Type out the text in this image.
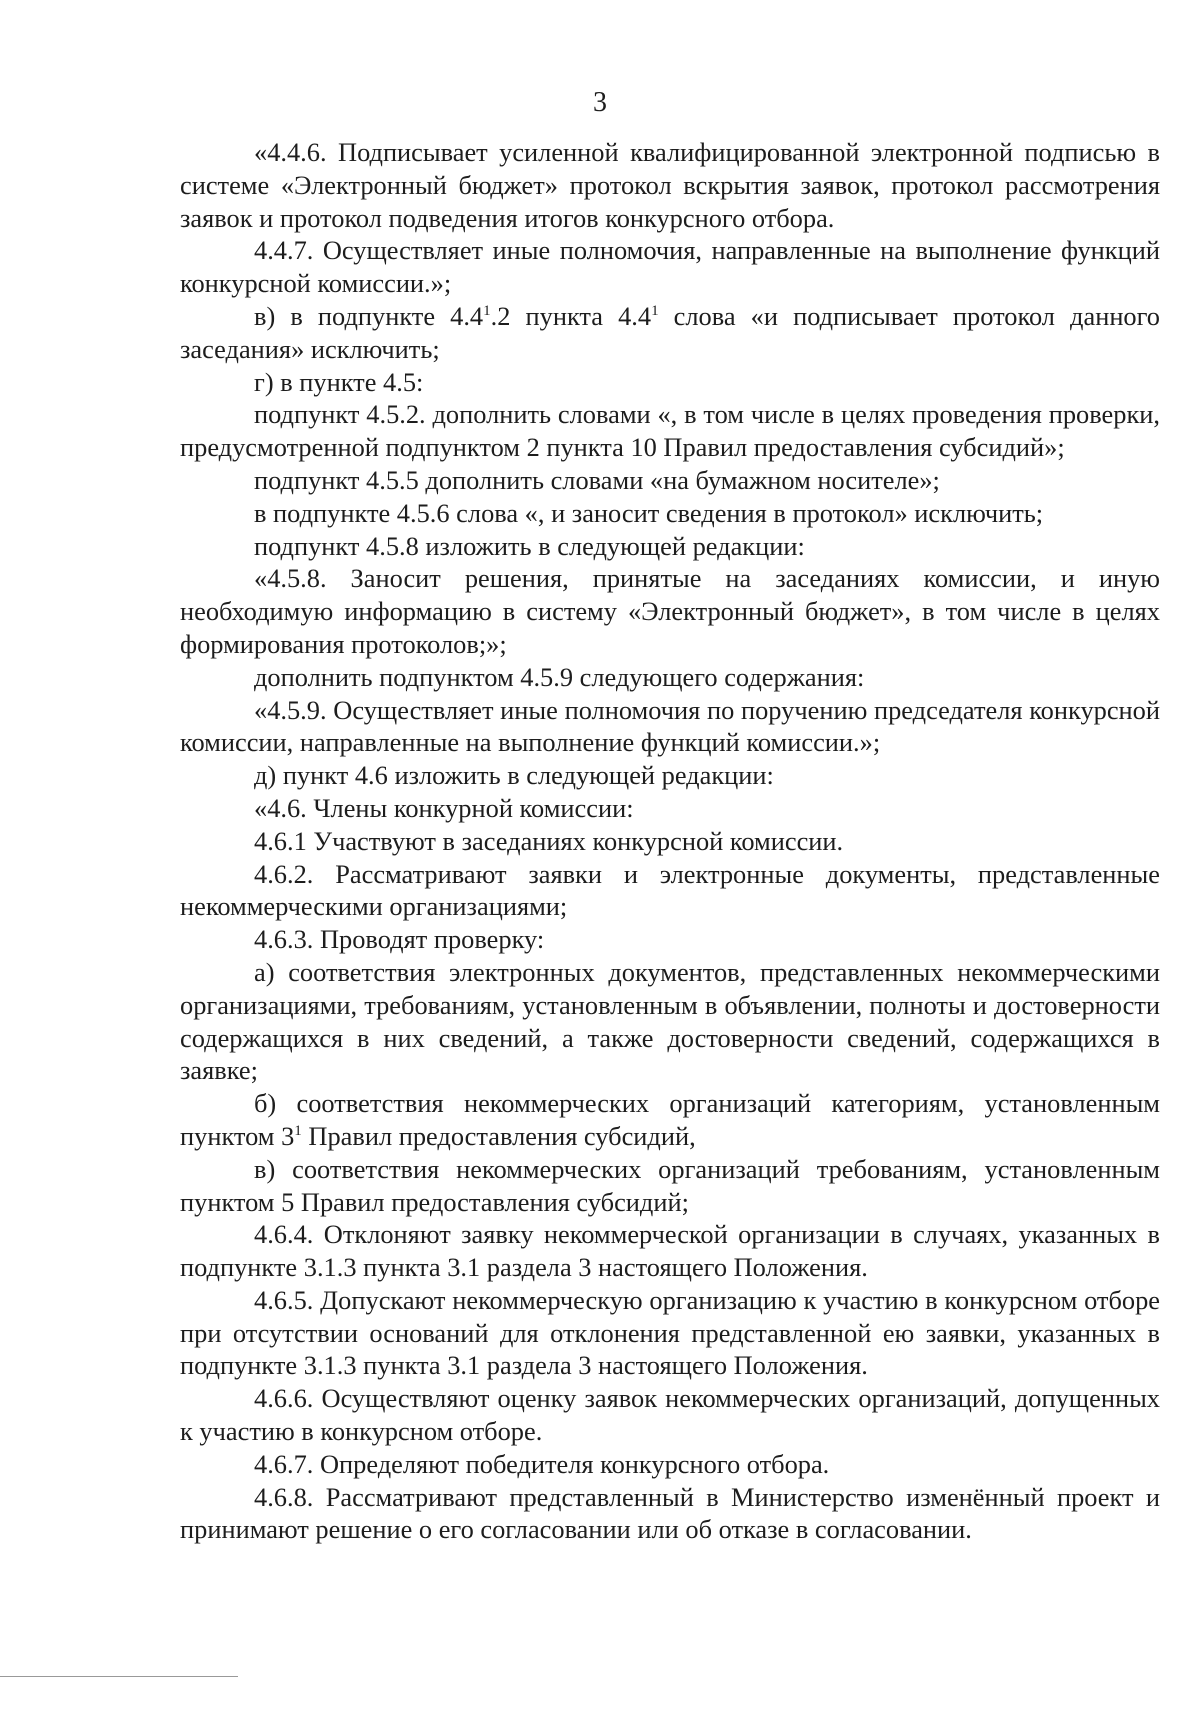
3

«4.4.6. Подписывает усиленной квалифицированной электронной подписью в системе «Электронный бюджет» протокол вскрытия заявок, протокол рассмотрения заявок и протокол подведения итогов конкурсного отбора.

4.4.7. Осуществляет иные полномочия, направленные на выполнение функций конкурсной комиссии.»;

в) в подпункте $4.4^1.2$ пункта $4.4^1$ слова «и подписывает протокол данного заседания» исключить;

г) в пункте 4.5:

подпункт 4.5.2. дополнить словами «, в том числе в целях проведения проверки, предусмотренной подпунктом 2 пункта 10 Правил предоставления субсидий»;

подпункт 4.5.5 дополнить словами «на бумажном носителе»;

в подпункте 4.5.6 слова «, и заносит сведения в протокол» исключить;

подпункт 4.5.8 изложить в следующей редакции:

«4.5.8. Заносит решения, принятые на заседаниях комиссии, и иную необходимую информацию в систему «Электронный бюджет», в том числе в целях формирования протоколов;»;

дополнить подпунктом 4.5.9 следующего содержания:

«4.5.9. Осуществляет иные полномочия по поручению председателя конкурсной комиссии, направленные на выполнение функций комиссии.»;

д) пункт 4.6 изложить в следующей редакции:

«4.6. Члены конкурной комиссии:

4.6.1 Участвуют в заседаниях конкурсной комиссии.

4.6.2. Рассматривают заявки и электронные документы, представленные некоммерческими организациями;

4.6.3. Проводят проверку:

а) соответствия электронных документов, представленных некоммерческими организациями, требованиям, установленным в объявлении, полноты и достоверности содержащихся в них сведений, а также достоверности сведений, содержащихся в заявке;

б) соответствия некоммерческих организаций категориям, установленным пунктом $3^1$ Правил предоставления субсидий,

в) соответствия некоммерческих организаций требованиям, установленным пунктом 5 Правил предоставления субсидий;

4.6.4. Отклоняют заявку некоммерческой организации в случаях, указанных в подпункте 3.1.3 пункта 3.1 раздела 3 настоящего Положения.

4.6.5. Допускают некоммерческую организацию к участию в конкурсном отборе при отсутствии оснований для отклонения представленной ею заявки, указанных в подпункте 3.1.3 пункта 3.1 раздела 3 настоящего Положения.

4.6.6. Осуществляют оценку заявок некоммерческих организаций, допущенных к участию в конкурсном отборе.

4.6.7. Определяют победителя конкурсного отбора.

4.6.8. Рассматривают представленный в Министерство изменённый проект и принимают решение о его согласовании или об отказе в согласовании.
